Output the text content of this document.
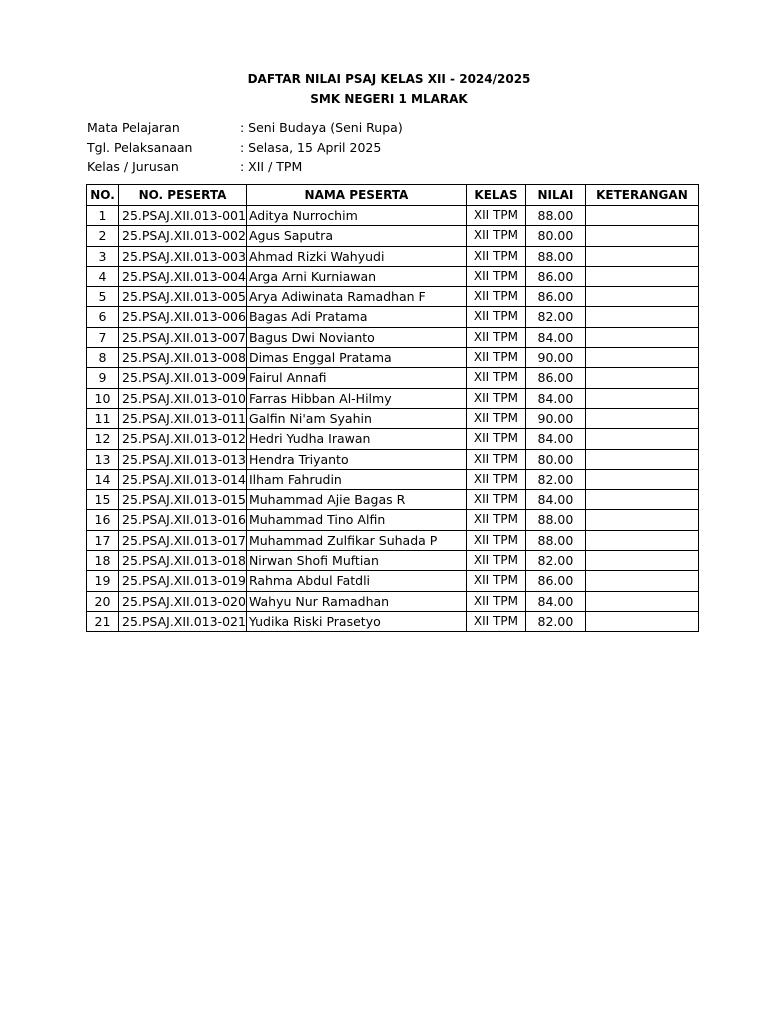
DAFTAR NILAI PSAJ KELAS XII - 2024/2025
SMK NEGERI 1 MLARAK
Mata Pelajaran	: Seni Budaya (Seni Rupa)
Tgl. Pelaksanaan	: Selasa, 15 April 2025
Kelas / Jurusan	: XII / TPM
NO.	NO. PESERTA	NAMA PESERTA	KELAS	NILAI	KETERANGAN
1	25.PSAJ.XII.013-001	Aditya Nurrochim	XII TPM	88.00	
2	25.PSAJ.XII.013-002	Agus Saputra	XII TPM	80.00	
3	25.PSAJ.XII.013-003	Ahmad Rizki Wahyudi	XII TPM	88.00	
4	25.PSAJ.XII.013-004	Arga Arni Kurniawan	XII TPM	86.00	
5	25.PSAJ.XII.013-005	Arya Adiwinata Ramadhan F	XII TPM	86.00	
6	25.PSAJ.XII.013-006	Bagas Adi Pratama	XII TPM	82.00	
7	25.PSAJ.XII.013-007	Bagus Dwi Novianto	XII TPM	84.00	
8	25.PSAJ.XII.013-008	Dimas Enggal Pratama	XII TPM	90.00	
9	25.PSAJ.XII.013-009	Fairul Annafi	XII TPM	86.00	
10	25.PSAJ.XII.013-010	Farras Hibban Al-Hilmy	XII TPM	84.00	
11	25.PSAJ.XII.013-011	Galfin Ni'am Syahin	XII TPM	90.00	
12	25.PSAJ.XII.013-012	Hedri Yudha Irawan	XII TPM	84.00	
13	25.PSAJ.XII.013-013	Hendra Triyanto	XII TPM	80.00	
14	25.PSAJ.XII.013-014	Ilham Fahrudin	XII TPM	82.00	
15	25.PSAJ.XII.013-015	Muhammad Ajie Bagas R	XII TPM	84.00	
16	25.PSAJ.XII.013-016	Muhammad Tino Alfin	XII TPM	88.00	
17	25.PSAJ.XII.013-017	Muhammad Zulfikar Suhada P	XII TPM	88.00	
18	25.PSAJ.XII.013-018	Nirwan Shofi Muftian	XII TPM	82.00	
19	25.PSAJ.XII.013-019	Rahma Abdul Fatdli	XII TPM	86.00	
20	25.PSAJ.XII.013-020	Wahyu Nur Ramadhan	XII TPM	84.00	
21	25.PSAJ.XII.013-021	Yudika Riski Prasetyo	XII TPM	82.00	
